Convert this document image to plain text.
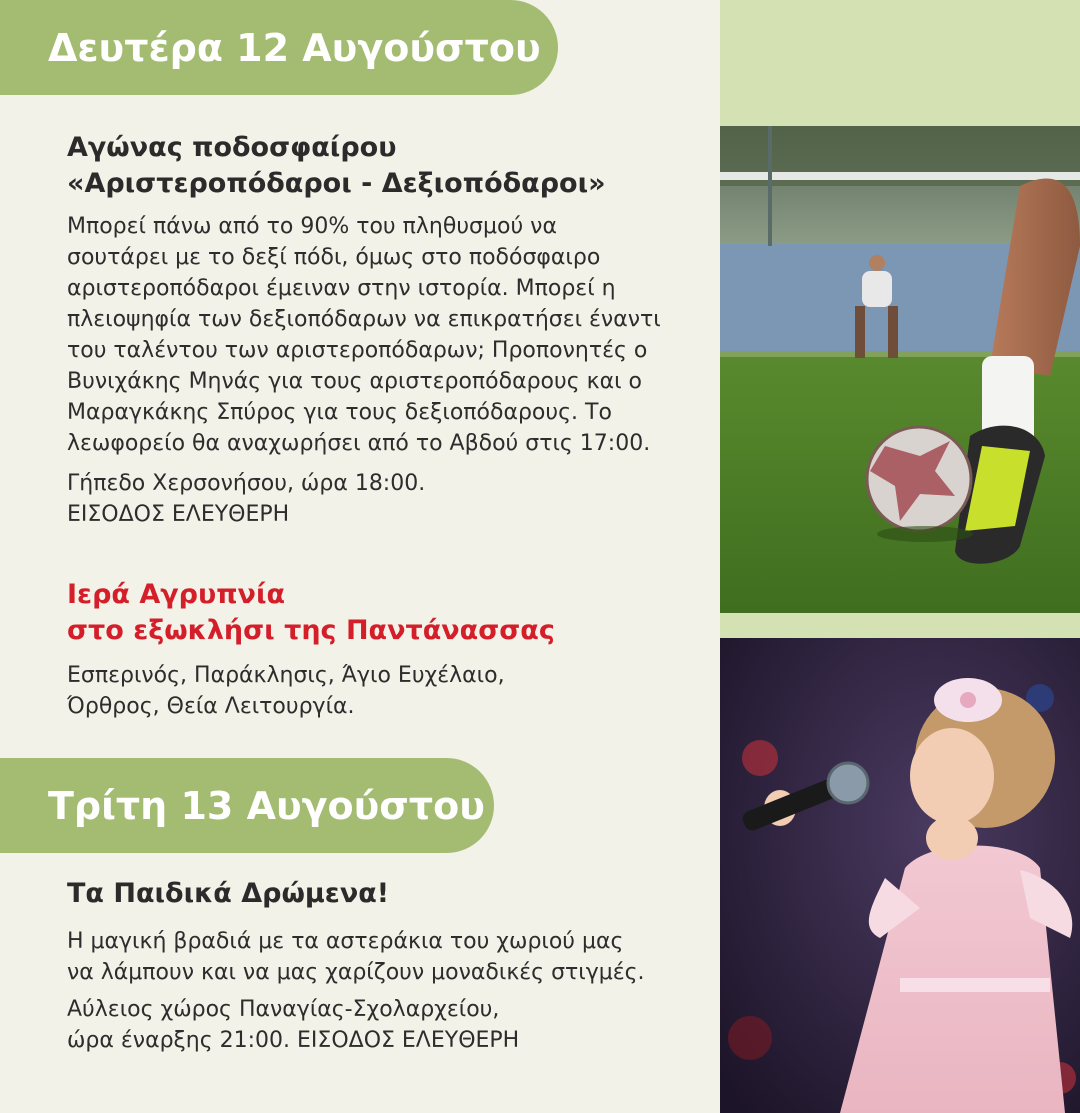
Δευτέρα 12 Αυγούστου
Αγώνας ποδοσφαίρου
«Αριστεροπόδαροι - Δεξιοπόδαροι»
Μπορεί πάνω από το 90% του πληθυσμού να
σουτάρει με το δεξί πόδι, όμως στο ποδόσφαιρο
αριστεροπόδαροι έμειναν στην ιστορία. Μπορεί η
πλειοψηφία των δεξιοπόδαρων να επικρατήσει έναντι
του ταλέντου των αριστεροπόδαρων; Προπονητές ο
Βυνιχάκης Μηνάς για τους αριστεροπόδαρους και ο
Μαραγκάκης Σπύρος για τους δεξιοπόδαρους. Το
λεωφορείο θα αναχωρήσει από το Αβδού στις 17:00.
Γήπεδο Χερσονήσου, ώρα 18:00.
ΕΙΣΟΔΟΣ ΕΛΕΥΘΕΡΗ
Ιερά Αγρυπνία
στο εξωκλήσι της Παντάνασσας
Εσπερινός, Παράκλησις, Άγιο Ευχέλαιο,
Όρθρος, Θεία Λειτουργία.
Τρίτη 13 Αυγούστου
Τα Παιδικά Δρώμενα!
Η μαγική βραδιά με τα αστεράκια του χωριού μας
να λάμπουν και να μας χαρίζουν μοναδικές στιγμές.
Αύλειος χώρος Παναγίας-Σχολαρχείου,
ώρα έναρξης 21:00. ΕΙΣΟΔΟΣ ΕΛΕΥΘΕΡΗ
